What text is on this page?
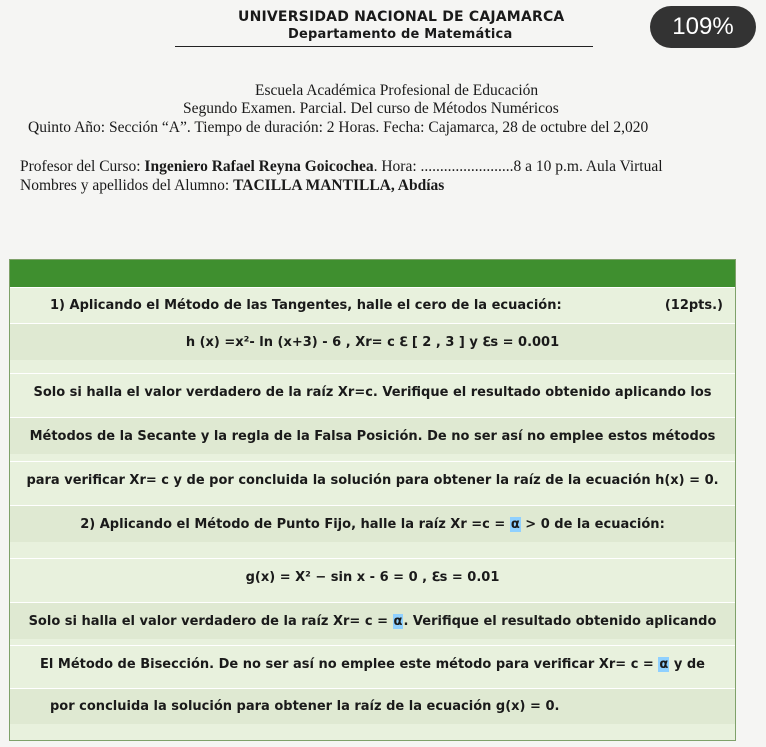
UNIVERSIDAD NACIONAL DE CAJAMARCA
Departamento de Matemática	109%
Escuela Académica Profesional de Educación
Segundo Examen. Parcial. Del curso de Métodos Numéricos
Quinto Año: Sección “A”. Tiempo de duración: 2 Horas. Fecha: Cajamarca, 28 de octubre del 2,020
Profesor del Curso: Ingeniero Rafael Reyna Goicochea. Hora: ........................8 a 10 p.m. Aula Virtual
Nombres y apellidos del Alumno: TACILLA MANTILLA, Abdías
1) Aplicando el Método de las Tangentes, halle el cero de la ecuación:	(12pts.)
h (x) =x²- ln (x+3) - 6 , Xr= c ℇ [ 2 , 3 ] y ℇs = 0.001
Solo si halla el valor verdadero de la raíz Xr=c. Verifique el resultado obtenido aplicando los
Métodos de la Secante y la regla de la Falsa Posición. De no ser así no emplee estos métodos
para verificar Xr= c y de por concluida la solución para obtener la raíz de la ecuación h(x) = 0.
2) Aplicando el Método de Punto Fijo, halle la raíz Xr =c = α > 0 de la ecuación:
g(x) = X² − sin x - 6 = 0 , ℇs = 0.01
Solo si halla el valor verdadero de la raíz Xr= c = α. Verifique el resultado obtenido aplicando
El Método de Bisección. De no ser así no emplee este método para verificar Xr= c = α y de
por concluida la solución para obtener la raíz de la ecuación g(x) = 0.
